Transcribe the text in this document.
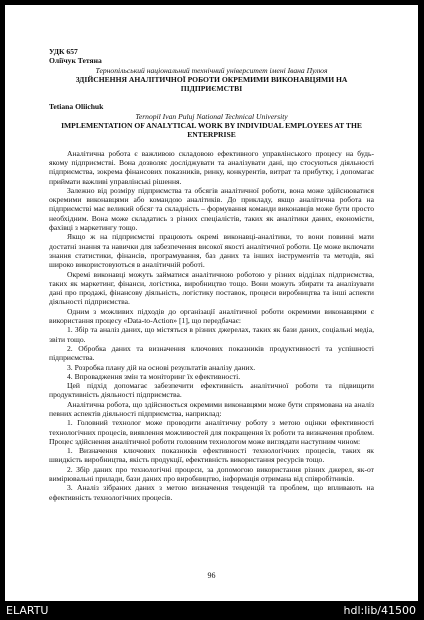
УДК 657

Оліїчук Тетяна

Тернопільський національний технічний університет імені Івана Пулюя

ЗДІЙСНЕННЯ АНАЛІТИЧНОЇ РОБОТИ ОКРЕМИМИ ВИКОНАВЦЯМИ НА ПІДПРИЄМСТВІ

Tetiana Oliichuk

Ternopil Ivan Puluj National Technical University

IMPLEMENTATION OF ANALYTICAL WORK BY INDIVIDUAL EMPLOYEES AT THE ENTERPRISE

Аналітична робота є важливою складовою ефективного управлінського процесу на будь-якому підприємстві. Вона дозволяє досліджувати та аналізувати дані, що стосуються діяльності підприємства, зокрема фінансових показників, ринку, конкурентів, витрат та прибутку, і допомагає приймати важливі управлінські рішення.

Залежно від розміру підприємства та обсягів аналітичної роботи, вона може здійснюватися окремими виконавцями або командою аналітиків. До прикладу, якщо аналітична робота на підприємстві має великий обсяг та складність – формування команди виконавців може бути просто необхідним. Вона може складатись з різних спеціалістів, таких як аналітики даних, економісти, фахівці з маркетингу тощо.

Якщо ж на підприємстві працюють окремі виконавці-аналітики, то вони повинні мати достатні знання та навички для забезпечення високої якості аналітичної роботи. Це може включати знання статистики, фінансів, програмування, баз даних та інших інструментів та методів, які широко використовуються в аналітичній роботі.

Окремі виконавці можуть займатися аналітичною роботою у різних відділах підприємства, таких як маркетинг, фінанси, логістика, виробництво тощо. Вони можуть збирати та аналізувати дані про продажі, фінансову діяльність, логістику поставок, процеси виробництва та інші аспекти діяльності підприємства.

Одним з можливих підходів до організації аналітичної роботи окремими виконавцями є використання процесу «Data-to-Action» [1], що передбачає:

1. Збір та аналіз даних, що містяться в різних джерелах, таких як бази даних, соціальні медіа, звіти тощо.

2. Обробка даних та визначення ключових показників продуктивності та успішності підприємства.

3. Розробка плану дій на основі результатів аналізу даних.

4. Впровадження змін та моніторинг їх ефективності.

Цей підхід допомагає забезпечити ефективність аналітичної роботи та підвищити продуктивність діяльності підприємства.

Аналітична робота, що здійснюється окремими виконавцями може бути спрямована на аналіз певних аспектів діяльності підприємства, наприклад:

1. Головний технолог може проводити аналітичну роботу з метою оцінки ефективності технологічних процесів, виявлення можливостей для покращення їх роботи та визначення проблем. Процес здійснення аналітичної роботи головним технологом може виглядати наступним чином:

1. Визначення ключових показників ефективності технологічних процесів, таких як швидкість виробництва, якість продукції, ефективність використання ресурсів тощо.

2. Збір даних про технологічні процеси, за допомогою використання різних джерел, як-от вимірювальні прилади, бази даних про виробництво, інформація отримана від співробітників.

3. Аналіз зібраних даних з метою визначення тенденцій та проблем, що впливають на ефективність технологічних процесів.

96
ELARTU	hdl:lib/41500
